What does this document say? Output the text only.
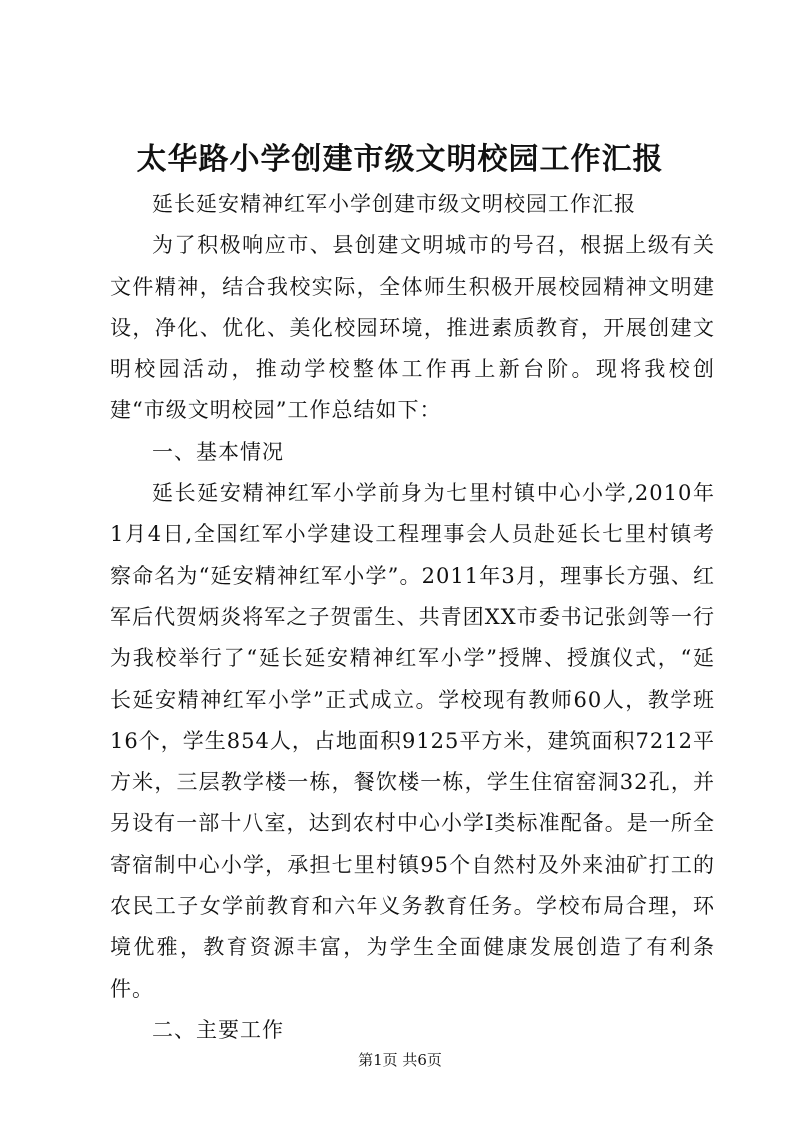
太华路小学创建市级文明校园工作汇报

延长延安精神红军小学创建市级文明校园工作汇报

为了积极响应市、县创建文明城市的号召，根据上级有关文件精神，结合我校实际，全体师生积极开展校园精神文明建设，净化、优化、美化校园环境，推进素质教育，开展创建文明校园活动，推动学校整体工作再上新台阶。现将我校创建“市级文明校园”工作总结如下：

一、基本情况

延长延安精神红军小学前身为七里村镇中心小学,2010年1月4日,全国红军小学建设工程理事会人员赴延长七里村镇考察命名为“延安精神红军小学”。2011年3月，理事长方强、红军后代贺炳炎将军之子贺雷生、共青团XX市委书记张剑等一行为我校举行了“延长延安精神红军小学”授牌、授旗仪式，“延长延安精神红军小学”正式成立。学校现有教师60人，教学班16个，学生854人，占地面积9125平方米，建筑面积7212平方米，三层教学楼一栋，餐饮楼一栋，学生住宿窑洞32孔，并另设有一部十八室，达到农村中心小学Ⅰ类标准配备。是一所全寄宿制中心小学，承担七里村镇95个自然村及外来油矿打工的农民工子女学前教育和六年义务教育任务。学校布局合理，环境优雅，教育资源丰富，为学生全面健康发展创造了有利条件。

二、主要工作

第1页 共6页
